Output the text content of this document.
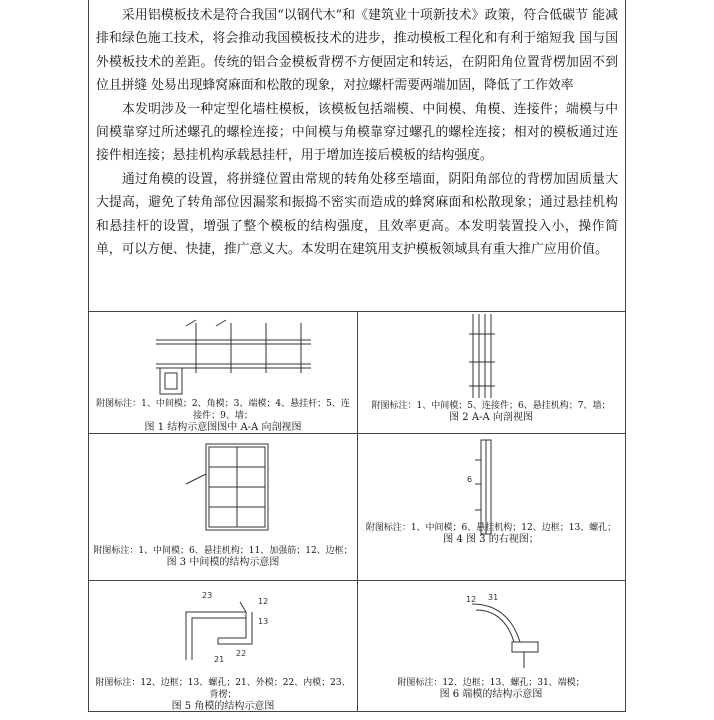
采用铝模板技术是符合我国“以钢代木”和《建筑业十项新技术》政策，符合低碳节 能减排和绿色施工技术，将会推动我国模板技术的进步，推动模板工程化和有利于缩短我 国与国外模板技术的差距。传统的铝合金模板背楞不方便固定和转运，在阴阳角位置背楞加固不到位且拼缝 处易出现蜂窝麻面和松散的现象，对拉螺杆需要两端加固，降低了工作效率

本发明涉及一种定型化墙柱模板，该模板包括端模、中间模、角模、连接件；端模与中间模靠穿过所述螺孔的螺栓连接；中间模与角模靠穿过螺孔的螺栓连接；相对的模板通过连接件相连接；悬挂机构承载悬挂杆，用于增加连接后模板的结构强度。

通过角模的设置，将拼缝位置由常规的转角处移至墙面，阴阳角部位的背楞加固质量大大提高，避免了转角部位因漏浆和振捣不密实而造成的蜂窝麻面和松散现象；通过悬挂机构和悬挂杆的设置，增强了整个模板的结构强度，且效率更高。本发明装置投入小，操作简单，可以方便、快捷，推广意义大。本发明在建筑用支护模板领域具有重大推广应用价值。

附图标注：1、中间模；2、角模；3、端模；4、悬挂杆；5、连接件；9、墙；
图 1 结构示意图图中 A-A 向剖视图
附图标注：1、中间模；5、连接件；6、悬挂机构；7、墙；
图 2 A-A 向剖视图
附图标注：1、中间模；6、悬挂机构；11、加强筋；12、边框；
图 3 中间模的结构示意图
6
附图标注：1、中间模；6、悬挂机构；12、边框；13、螺孔；
图 4 图 3 的右视图；
23
12
13
22
21
附图标注：12、边框；13、螺孔；21、外模；22、内模；23、背楞；
图 5 角模的结构示意图
12 31
附图标注：12、边框；13、螺孔；31、端模；
图 6 端模的结构示意图
